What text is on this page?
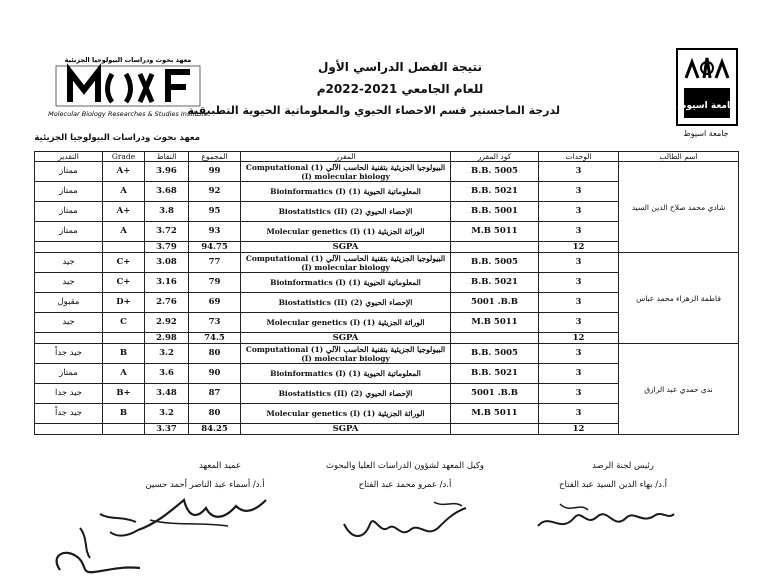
معهد بحوث ودراسات البيولوجيا الجزيئية
Molecular Biology Researches & Studies Institute
جامعة اسيوط
نتيجة الفصل الدراسي الأول
للعام الجامعي 2021-2022م
لدرجة الماجستير قسم الاحصاء الحيوي والمعلوماتية الحيوية التطبيقية
جامعة اسيوط
معهد بحوث ودراسات البيولوجيا الجزيئية
التقدير	Grade	النقاط	المجموع	المقرر	كود المقرر	الوحدات	اسم الطالب
ممتاز	A+	3.96	99	البيولوجيا الجزيئية بتقنية الحاسب الآلي (1) Computational (I) molecular biology	B.B. 5005	3	شادي محمد صلاح الدين السيد
ممتاز	A	3.68	92	المعلوماتية الحيوية (1) Bioinformatics (I)	B.B. 5021	3	
ممتاز	A+	3.8	95	الإحصاء الحيوي (2) Biostatistics (II)	B.B. 5001	3	
ممتاز	A	3.72	93	الوراثة الجزيئية (1) Molecular genetics (I)	M.B 5011	3	
		3.79	94.75	SGPA		12	
جيد	C+	3.08	77	البيولوجيا الجزيئية بتقنية الحاسب الآلي (1) Computational (I) molecular biology	B.B. 5005	3	فاطمة الزهراء محمد عباس
جيد	C+	3.16	79	المعلوماتية الحيوية (1) Bioinformatics (I)	B.B. 5021	3	
مقبول	D+	2.76	69	الإحصاء الحيوي (2) Biostatistics (II)	5001 .B.B	3	
جيد	C	2.92	73	الوراثة الجزيئية (1) Molecular genetics (I)	M.B 5011	3	
		2.98	74.5	SGPA		12	
جيد جداً	B	3.2	80	البيولوجيا الجزيئية بتقنية الحاسب الآلي (1) Computational (I) molecular biology	B.B. 5005	3	ندى حمدي عبد الرازق
ممتاز	A	3.6	90	المعلوماتية الحيوية (1) Bioinformatics (I)	B.B. 5021	3	
جيد جدا	B+	3.48	87	الإحصاء الحيوي (2) Biostatistics (II)	5001 .B.B	3	
جيد جداً	B	3.2	80	الوراثة الجزيئية (1) Molecular genetics (I)	M.B 5011	3	
		3.37	84.25	SGPA		12	
رئيس لجنة الرصد
أ.د/ بهاء الدين السيد عبد الفتاح
وكيل المعهد لشؤون الدراسات العليا والبحوث
أ.د/ عمرو محمد عبد الفتاح
عميد المعهد
أ.د/ أسماء عبد الناصر أحمد حسين
